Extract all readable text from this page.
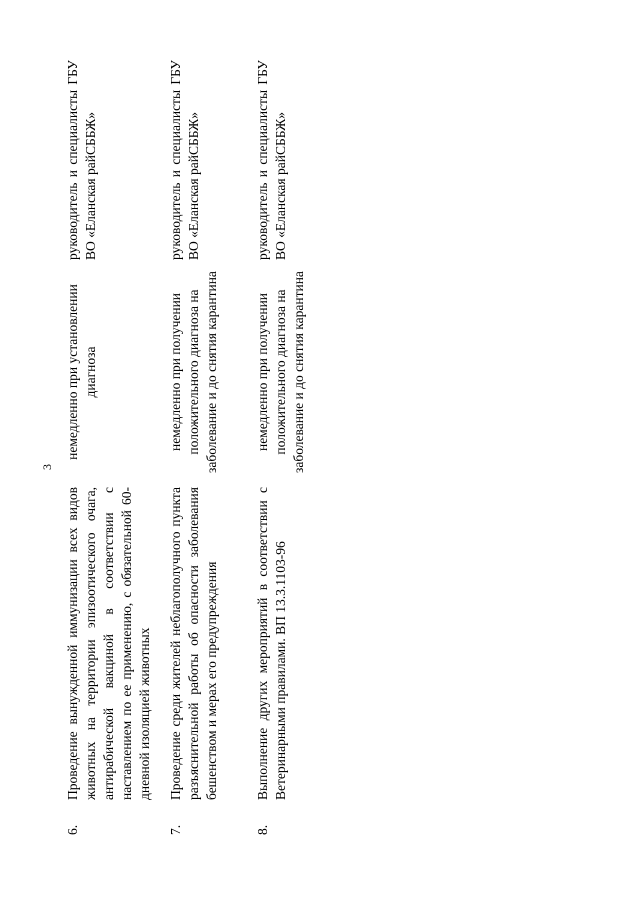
3
6.
Проведение вынужденной иммунизации всех видов животных на территории эпизоотического очага, антирабической вакциной в соответствии с наставлением по ее применению, с обязательной 60-дневной изоляцией животных
немедленно при установлении диагноза
руководитель и специалисты ГБУ ВО «Еланская райСББЖ»
7.
Проведение среди жителей неблагополучного пункта разъяснительной работы об опасности заболевания бешенством и мерах его предупреждения
немедленно при получении положительного диагноза на заболевание и до снятия карантина
руководитель и специалисты ГБУ ВО «Еланская райСББЖ»
8.
Выполнение других мероприятий в соответствии с Ветеринарными правилами. ВП 13.3.1103-96
немедленно при получении положительного диагноза на заболевание и до снятия карантина
руководитель и специалисты ГБУ ВО «Еланская райСББЖ»
